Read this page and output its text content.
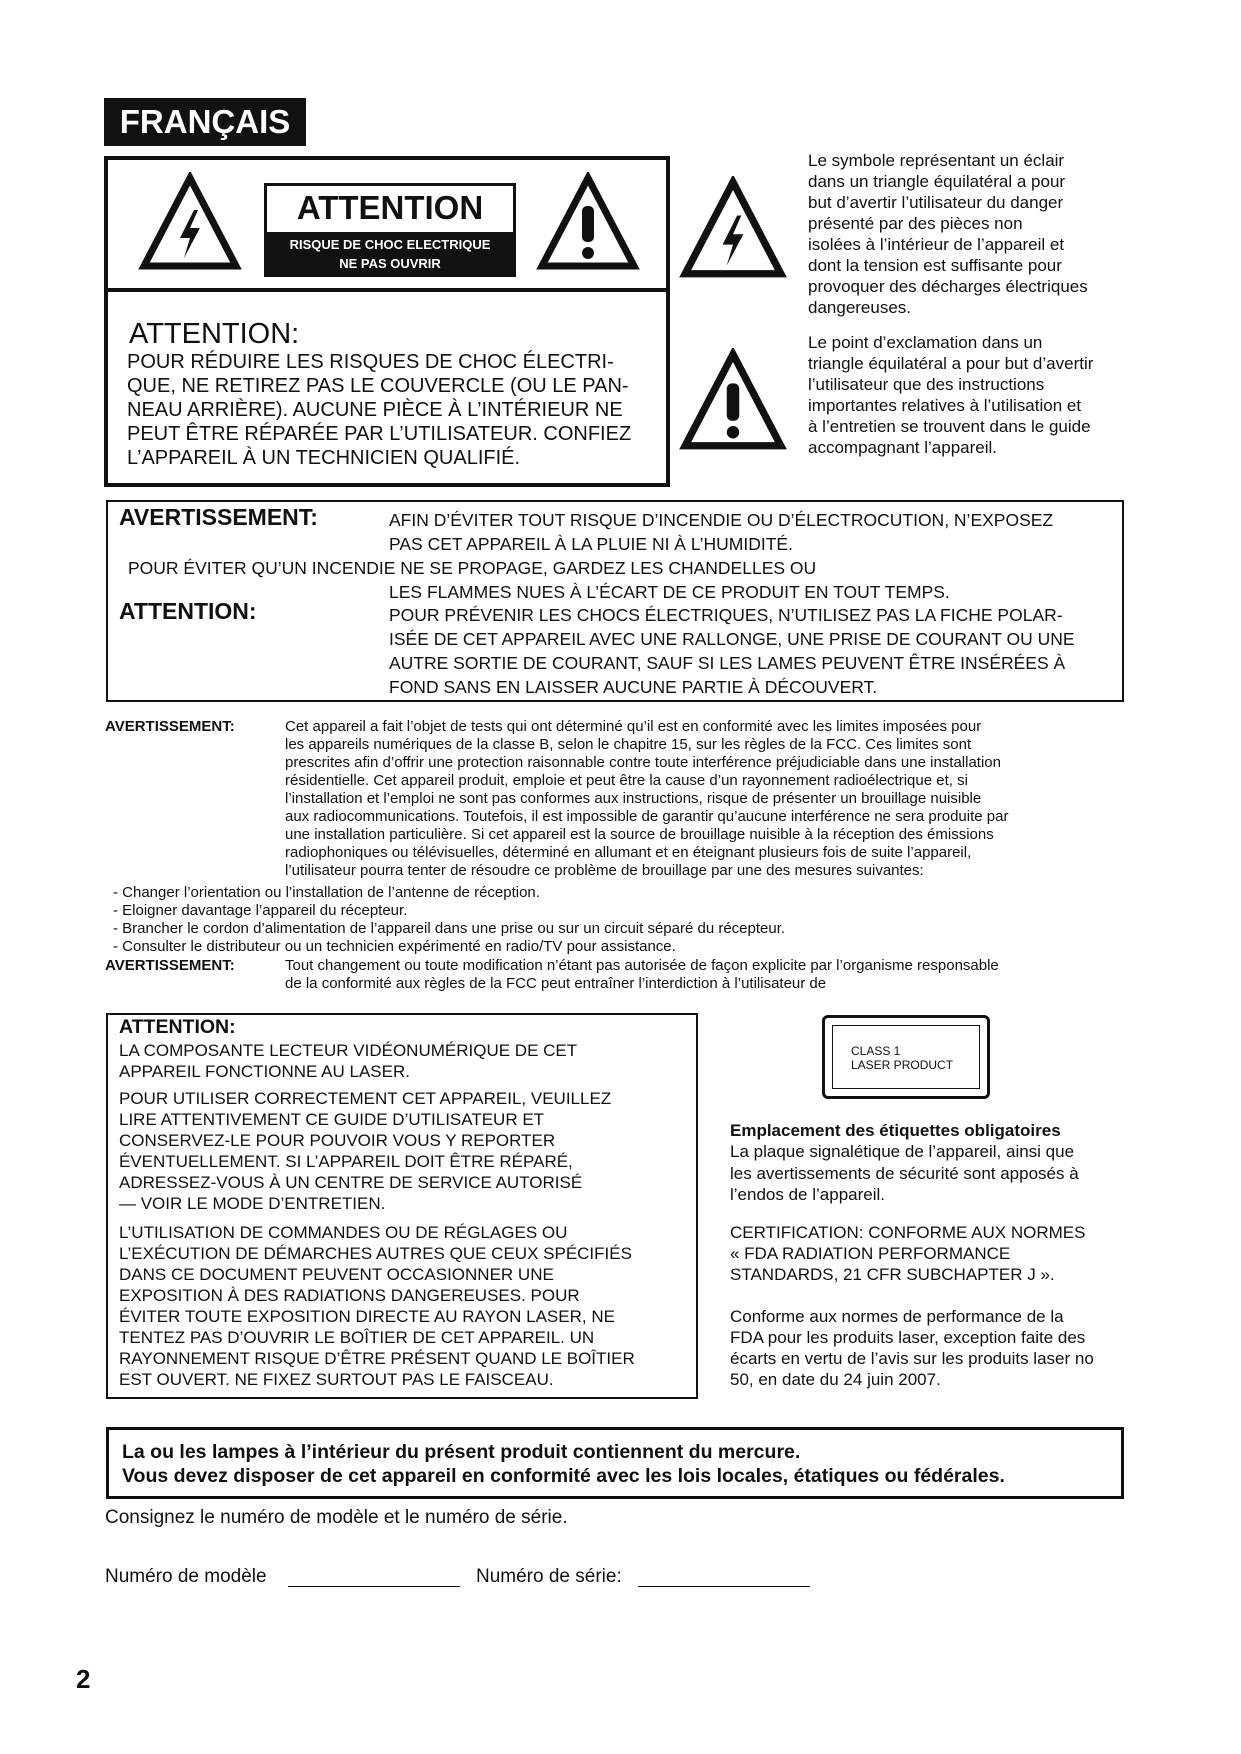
FRANÇAIS
ATTENTION
RISQUE DE CHOC ELECTRIQUE
NE PAS OUVRIR
ATTENTION:
POUR RÉDUIRE LES RISQUES DE CHOC ÉLECTRI-
QUE, NE RETIREZ PAS LE COUVERCLE (OU LE PAN-
NEAU ARRIÈRE). AUCUNE PIÈCE À L’INTÉRIEUR NE
PEUT ÊTRE RÉPARÉE PAR L’UTILISATEUR. CONFIEZ
L’APPAREIL À UN TECHNICIEN QUALIFIÉ.
Le symbole représentant un éclair
dans un triangle équilatéral a pour
but d’avertir l’utilisateur du danger
présenté par des pièces non
isolées à l’intérieur de l’appareil et
dont la tension est suffisante pour
provoquer des décharges électriques
dangereuses.
Le point d’exclamation dans un
triangle équilatéral a pour but d’avertir
l’utilisateur que des instructions
importantes relatives à l’utilisation et
à l’entretien se trouvent dans le guide
accompagnant l’appareil.
AVERTISSEMENT:	AFIN D’ÉVITER TOUT RISQUE D’INCENDIE OU D’ÉLECTROCUTION, N’EXPOSEZ
PAS CET APPAREIL À LA PLUIE NI À L’HUMIDITÉ.
POUR ÉVITER QU’UN INCENDIE NE SE PROPAGE, GARDEZ LES CHANDELLES OU
LES FLAMMES NUES À L’ÉCART DE CE PRODUIT EN TOUT TEMPS.
ATTENTION:	POUR PRÉVENIR LES CHOCS ÉLECTRIQUES, N’UTILISEZ PAS LA FICHE POLAR-
ISÉE DE CET APPAREIL AVEC UNE RALLONGE, UNE PRISE DE COURANT OU UNE
AUTRE SORTIE DE COURANT, SAUF SI LES LAMES PEUVENT ÊTRE INSÉRÉES À
FOND SANS EN LAISSER AUCUNE PARTIE À DÉCOUVERT.
AVERTISSEMENT:	Cet appareil a fait l’objet de tests qui ont déterminé qu’il est en conformité avec les limites imposées pour
les appareils numériques de la classe B, selon le chapitre 15, sur les règles de la FCC. Ces limites sont
prescrites afin d’offrir une protection raisonnable contre toute interférence préjudiciable dans une installation
résidentielle. Cet appareil produit, emploie et peut être la cause d’un rayonnement radioélectrique et, si
l’installation et l’emploi ne sont pas conformes aux instructions, risque de présenter un brouillage nuisible
aux radiocommunications. Toutefois, il est impossible de garantir qu’aucune interférence ne sera produite par
une installation particulière. Si cet appareil est la source de brouillage nuisible à la réception des émissions
radiophoniques ou télévisuelles, déterminé en allumant et en éteignant plusieurs fois de suite l’appareil,
l’utilisateur pourra tenter de résoudre ce problème de brouillage par une des mesures suivantes:
- Changer l’orientation ou l’installation de l’antenne de réception.
- Eloigner davantage l’appareil du récepteur.
- Brancher le cordon d’alimentation de l’appareil dans une prise ou sur un circuit séparé du récepteur.
- Consulter le distributeur ou un technicien expérimenté en radio/TV pour assistance.
AVERTISSEMENT:	Tout changement ou toute modification n’étant pas autorisée de façon explicite par l’organisme responsable
de la conformité aux règles de la FCC peut entraîner l’interdiction à l’utilisateur de
ATTENTION:
LA COMPOSANTE LECTEUR VIDÉONUMÉRIQUE DE CET
APPAREIL FONCTIONNE AU LASER.
POUR UTILISER CORRECTEMENT CET APPAREIL, VEUILLEZ
LIRE ATTENTIVEMENT CE GUIDE D’UTILISATEUR ET
CONSERVEZ-LE POUR POUVOIR VOUS Y REPORTER
ÉVENTUELLEMENT. SI L’APPAREIL DOIT ÊTRE RÉPARÉ,
ADRESSEZ-VOUS À UN CENTRE DE SERVICE AUTORISÉ
— VOIR LE MODE D’ENTRETIEN.
L’UTILISATION DE COMMANDES OU DE RÉGLAGES OU
L’EXÉCUTION DE DÉMARCHES AUTRES QUE CEUX SPÉCIFIÉS
DANS CE DOCUMENT PEUVENT OCCASIONNER UNE
EXPOSITION À DES RADIATIONS DANGEREUSES. POUR
ÉVITER TOUTE EXPOSITION DIRECTE AU RAYON LASER, NE
TENTEZ PAS D’OUVRIR LE BOÎTIER DE CET APPAREIL. UN
RAYONNEMENT RISQUE D’ÊTRE PRÉSENT QUAND LE BOÎTIER
EST OUVERT. NE FIXEZ SURTOUT PAS LE FAISCEAU.
CLASS 1
LASER PRODUCT
Emplacement des étiquettes obligatoires
La plaque signalétique de l’appareil, ainsi que
les avertissements de sécurité sont apposés à
l’endos de l’appareil.
CERTIFICATION: CONFORME AUX NORMES
« FDA RADIATION PERFORMANCE
STANDARDS, 21 CFR SUBCHAPTER J ».
Conforme aux normes de performance de la
FDA pour les produits laser, exception faite des
écarts en vertu de l’avis sur les produits laser no
50, en date du 24 juin 2007.
La ou les lampes à l’intérieur du présent produit contiennent du mercure.
Vous devez disposer de cet appareil en conformité avec les lois locales, étatiques ou fédérales.
Consignez le numéro de modèle et le numéro de série.
Numéro de modèle	Numéro de série:
2
